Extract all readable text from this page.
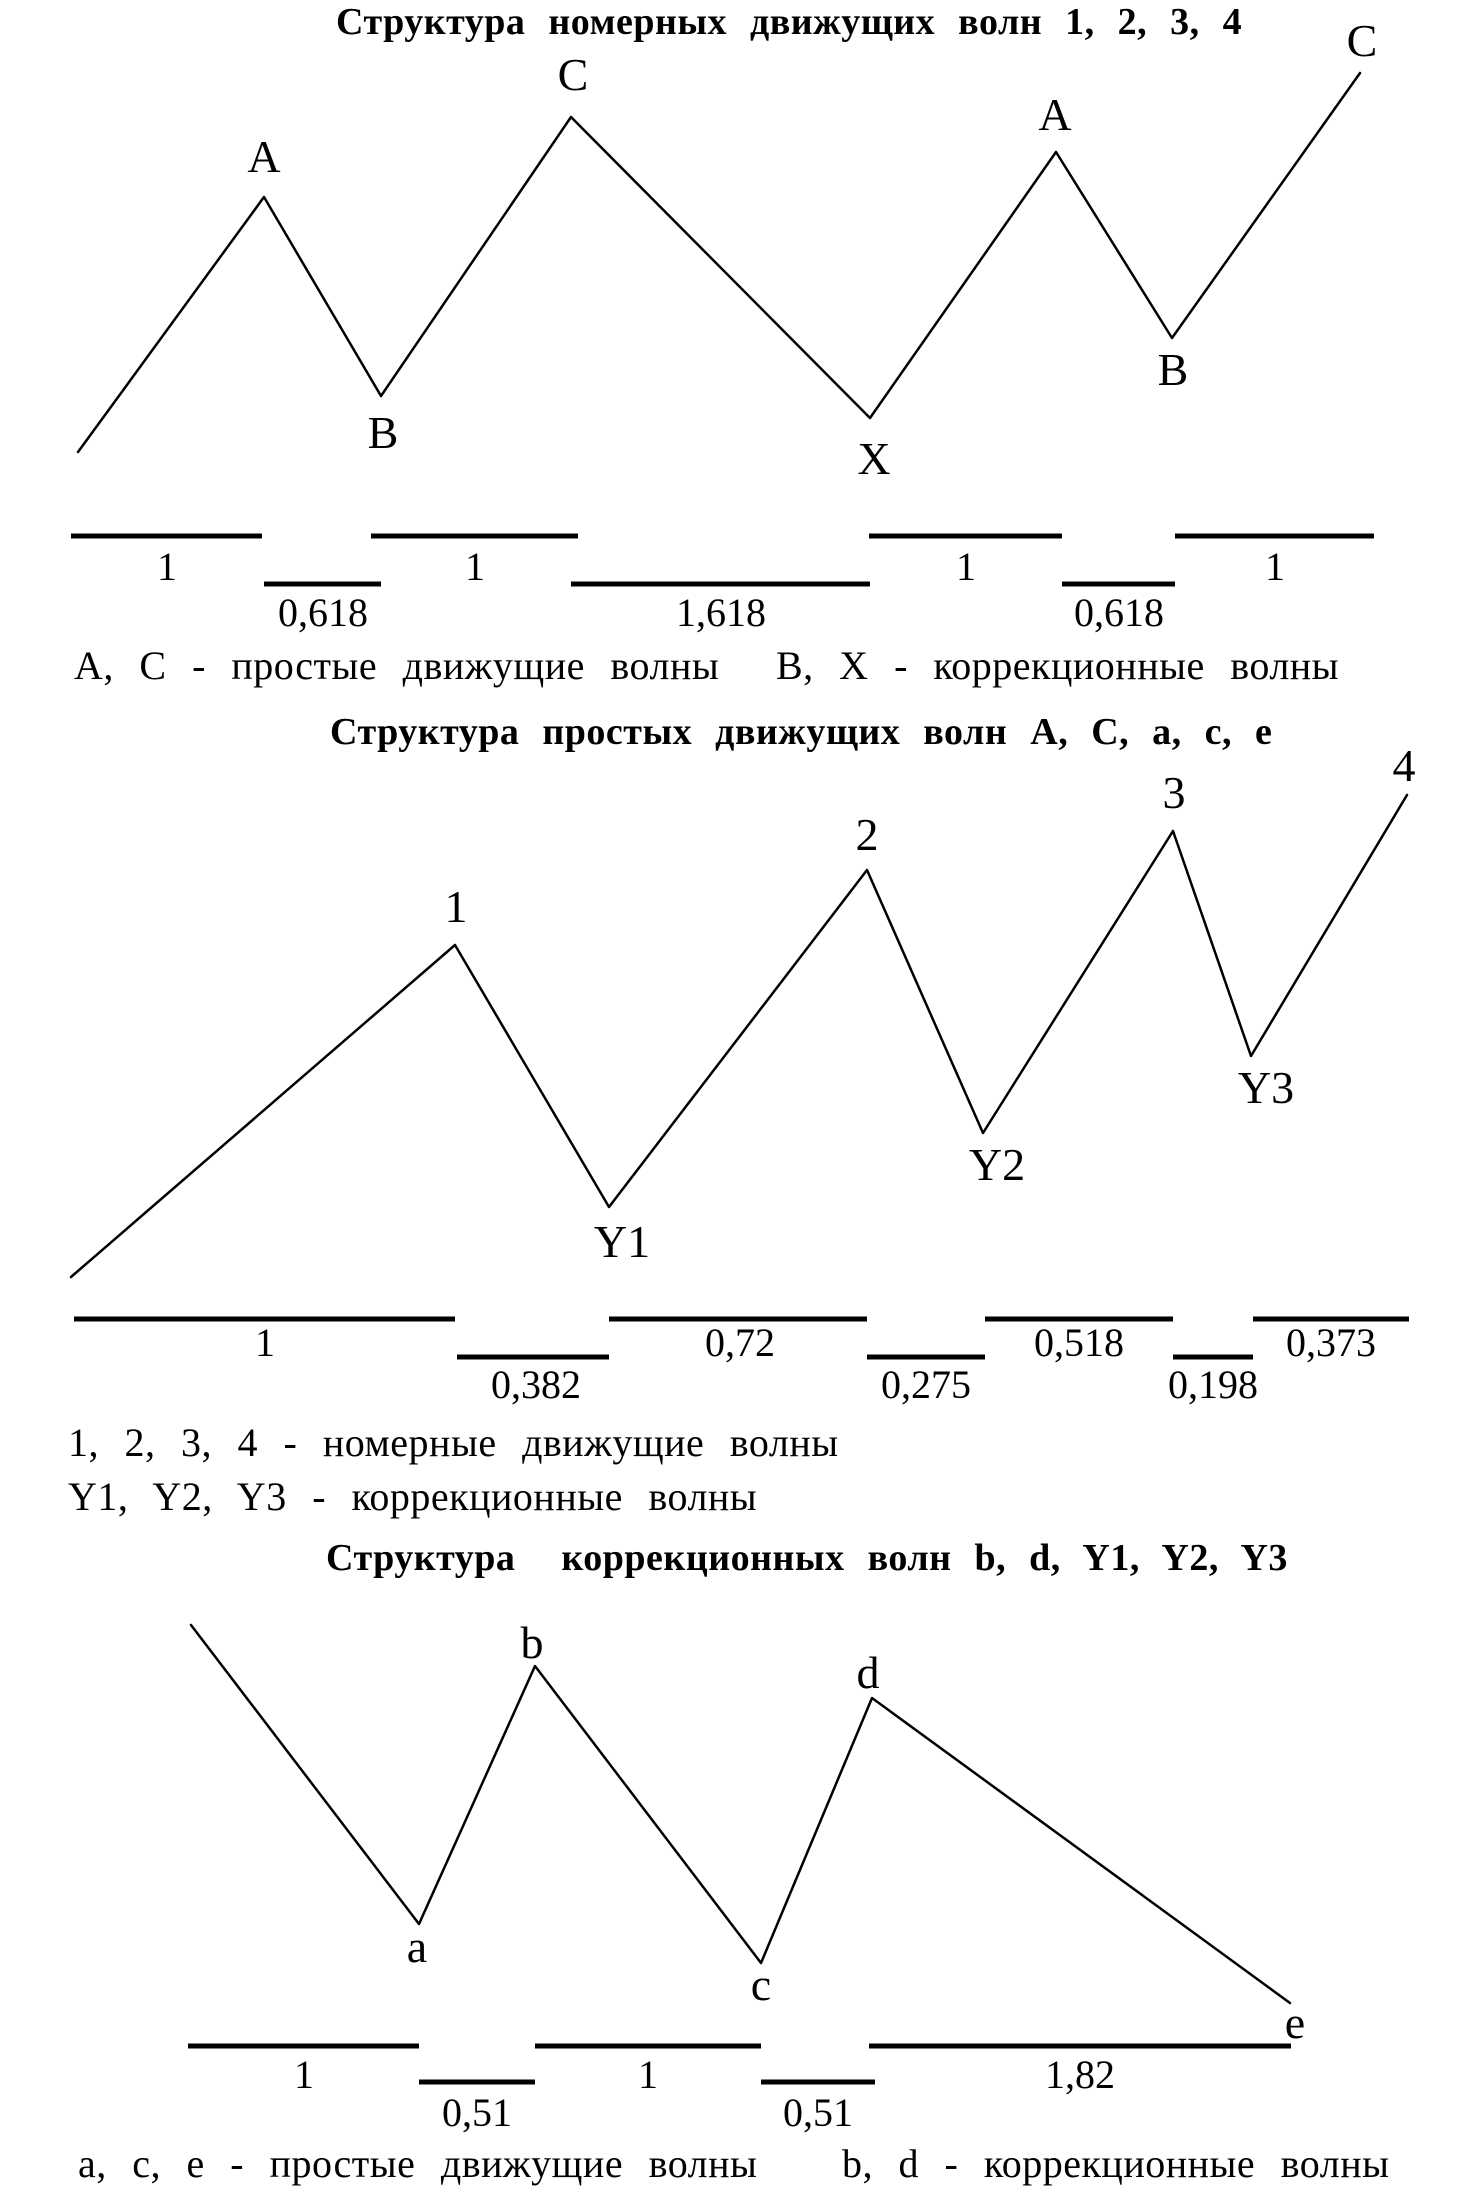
Структура номерных движущих волн 1, 2, 3, 4
Структура простых движущих волн А, С, а, с, е
Структура  коррекционных волн b, d, Y1, Y2, Y3
А, С - простые движущие волны В, Х - коррекционные волны
1, 2, 3, 4 - номерные движущие волны
Y1, Y2, Y3 - коррекционные волны
а, с, е - простые движущие волны b, d - коррекционные волны
А
В
С
Х
А
В
С
1	1	1	1
0,618	1,618	0,618
1
2
3
4
Y1
Y2
Y3
1	0,72	0,518	0,373
0,382	0,275	0,198
b
d
a
c
e
1	1	1,82
0,51	0,51
